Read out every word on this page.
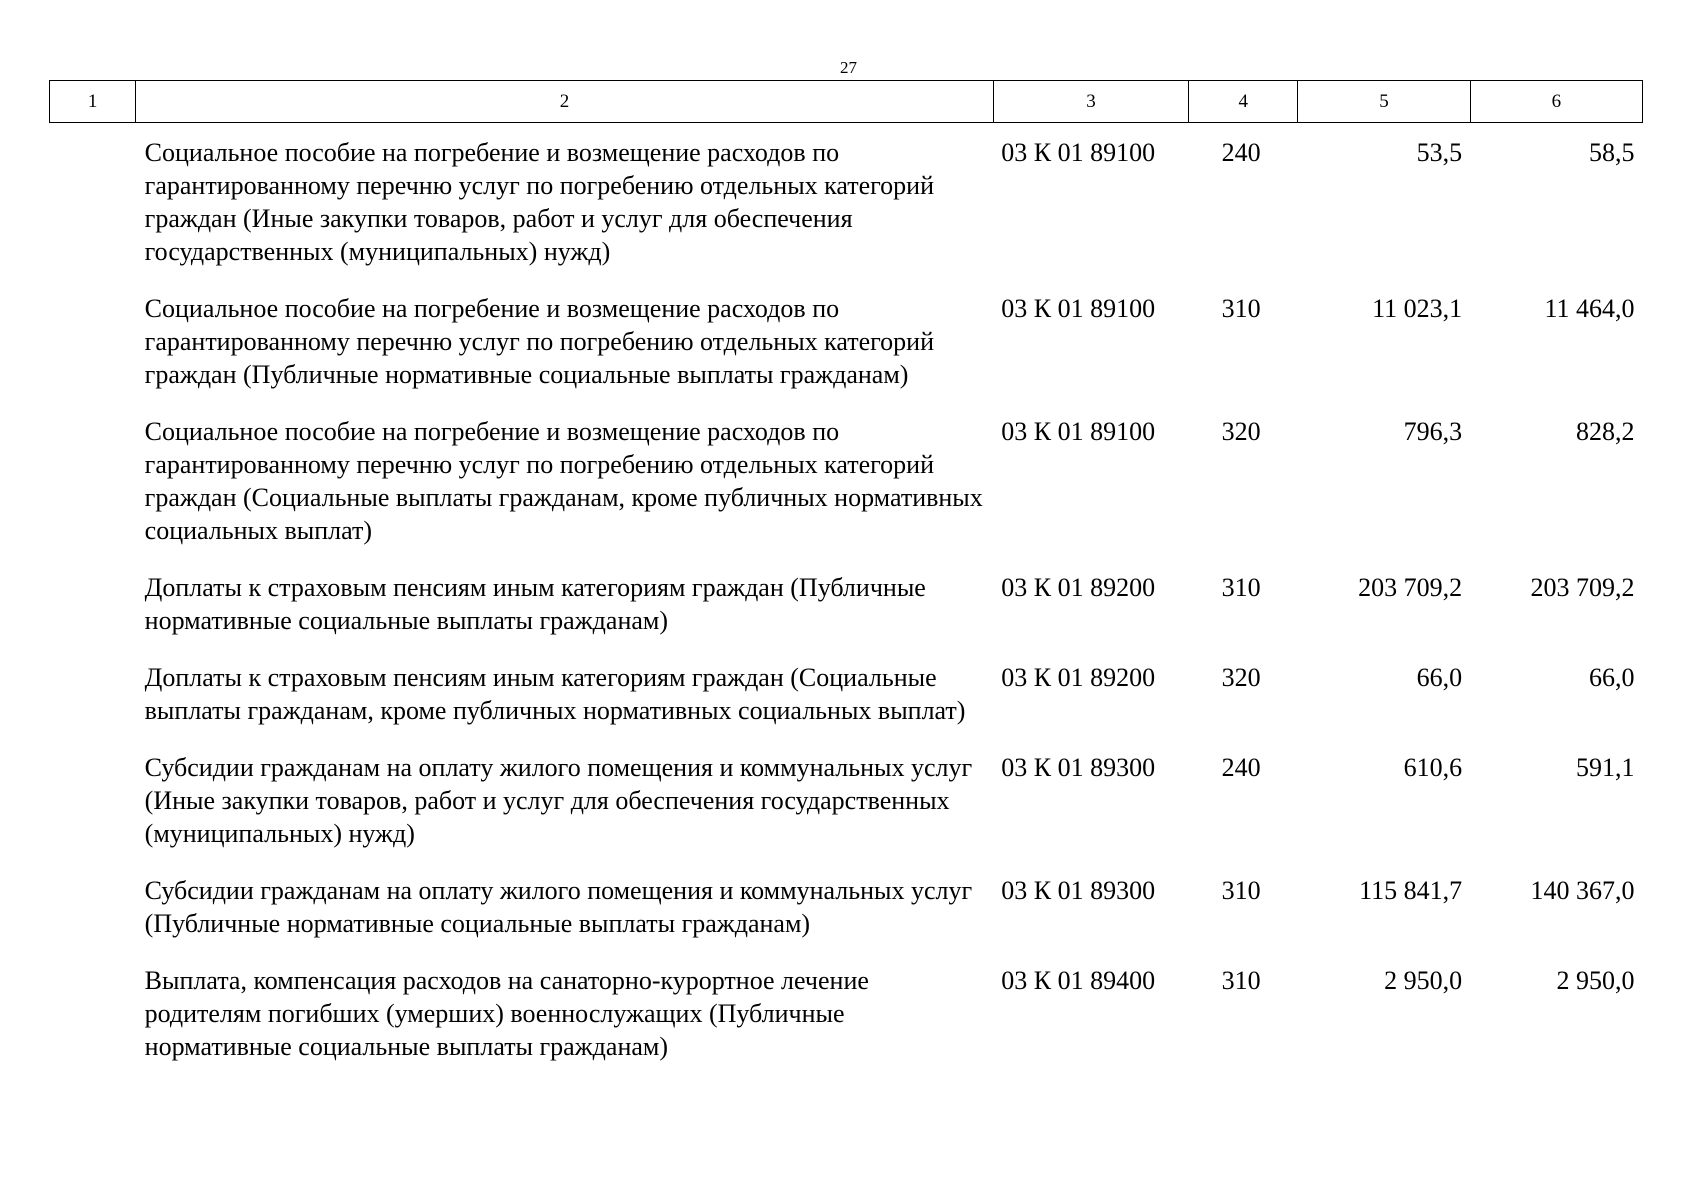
27
1	2	3	4	5	6
	Социальное пособие на погребение и возмещение расходов по гарантированному перечню услуг по погребению отдельных категорий граждан (Иные закупки товаров, работ и услуг для обеспечения государственных (муниципальных) нужд)	03 К 01 89100	240	53,5	58,5
	Социальное пособие на погребение и возмещение расходов по гарантированному перечню услуг по погребению отдельных категорий граждан (Публичные нормативные социальные выплаты гражданам)	03 К 01 89100	310	11 023,1	11 464,0
	Социальное пособие на погребение и возмещение расходов по гарантированному перечню услуг по погребению отдельных категорий граждан (Социальные выплаты гражданам, кроме публичных нормативных социальных выплат)	03 К 01 89100	320	796,3	828,2
	Доплаты к страховым пенсиям иным категориям граждан (Публичные нормативные социальные выплаты гражданам)	03 К 01 89200	310	203 709,2	203 709,2
	Доплаты к страховым пенсиям иным категориям граждан (Социальные выплаты гражданам, кроме публичных нормативных социальных выплат)	03 К 01 89200	320	66,0	66,0
	Субсидии гражданам на оплату жилого помещения и коммунальных услуг (Иные закупки товаров, работ и услуг для обеспечения государственных (муниципальных) нужд)	03 К 01 89300	240	610,6	591,1
	Субсидии гражданам на оплату жилого помещения и коммунальных услуг (Публичные нормативные социальные выплаты гражданам)	03 К 01 89300	310	115 841,7	140 367,0
	Выплата, компенсация расходов на санаторно-курортное лечение родителям погибших (умерших) военнослужащих (Публичные нормативные социальные выплаты гражданам)	03 К 01 89400	310	2 950,0	2 950,0
